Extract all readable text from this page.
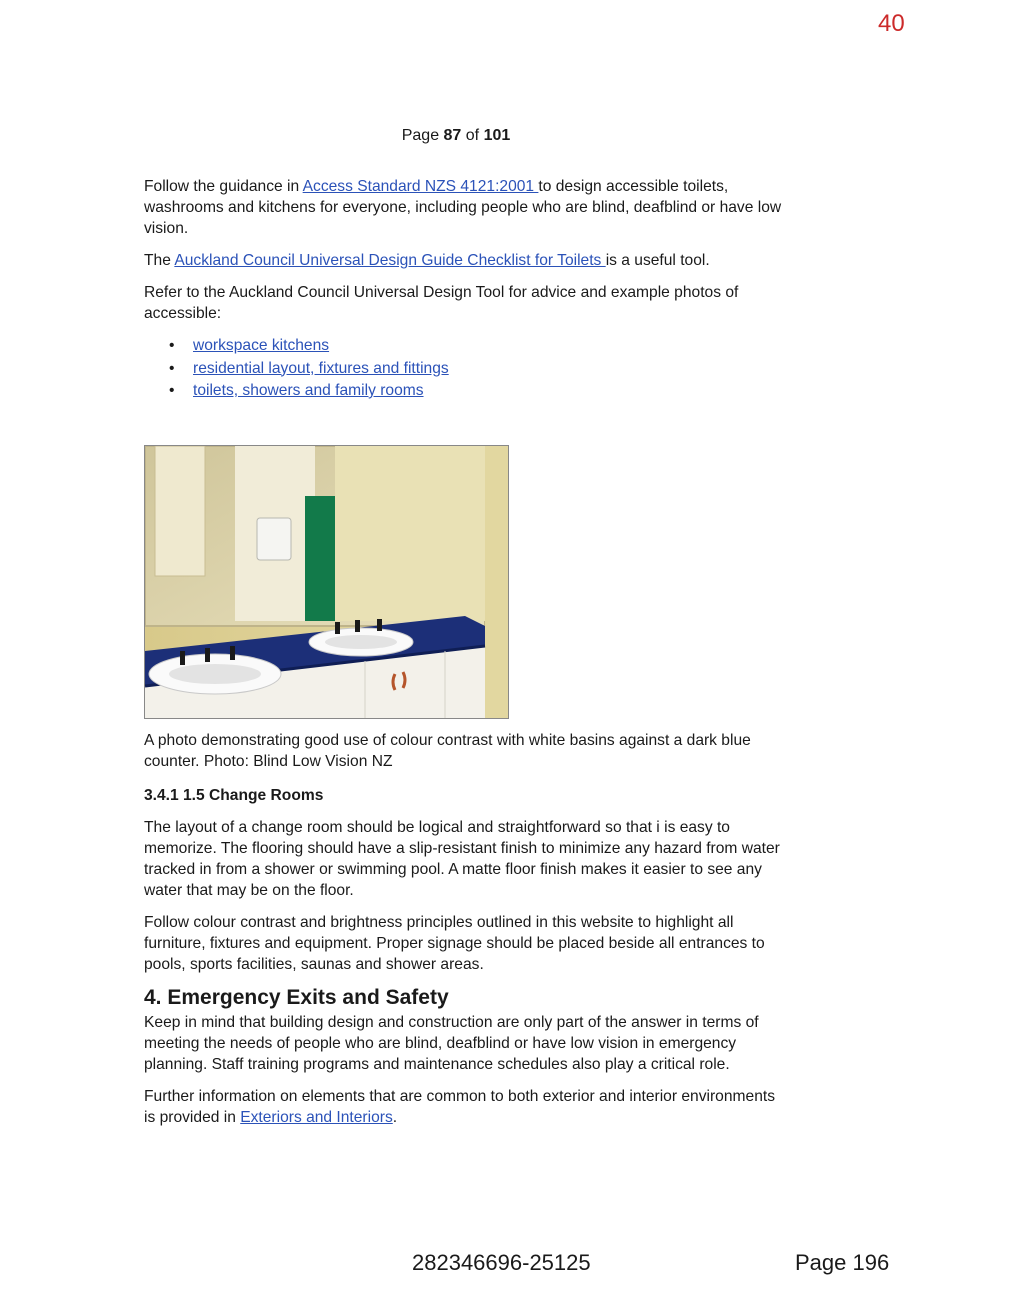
40
Page 87 of 101

Follow the guidance in Access Standard NZS 4121:2001 to design accessible toilets, washrooms and kitchens for everyone, including people who are blind, deafblind or have low vision.

The Auckland Council Universal Design Guide Checklist for Toilets is a useful tool.

Refer to the Auckland Council Universal Design Tool for advice and example photos of accessible:

• workspace kitchens
• residential layout, fixtures and fittings
• toilets, showers and family rooms
A photo demonstrating good use of colour contrast with white basins against a dark blue counter. Photo: Blind Low Vision NZ

3.4.1 1.5 Change Rooms

The layout of a change room should be logical and straightforward so that i is easy to memorize. The flooring should have a slip-resistant finish to minimize any hazard from water tracked in from a shower or swimming pool. A matte floor finish makes it easier to see any water that may be on the floor.

Follow colour contrast and brightness principles outlined in this website to highlight all furniture, fixtures and equipment. Proper signage should be placed beside all entrances to pools, sports facilities, saunas and shower areas.

4. Emergency Exits and Safety

Keep in mind that building design and construction are only part of the answer in terms of meeting the needs of people who are blind, deafblind or have low vision in emergency planning. Staff training programs and maintenance schedules also play a critical role.

Further information on elements that are common to both exterior and interior environments is provided in Exteriors and Interiors.

282346696-25125	Page 196
